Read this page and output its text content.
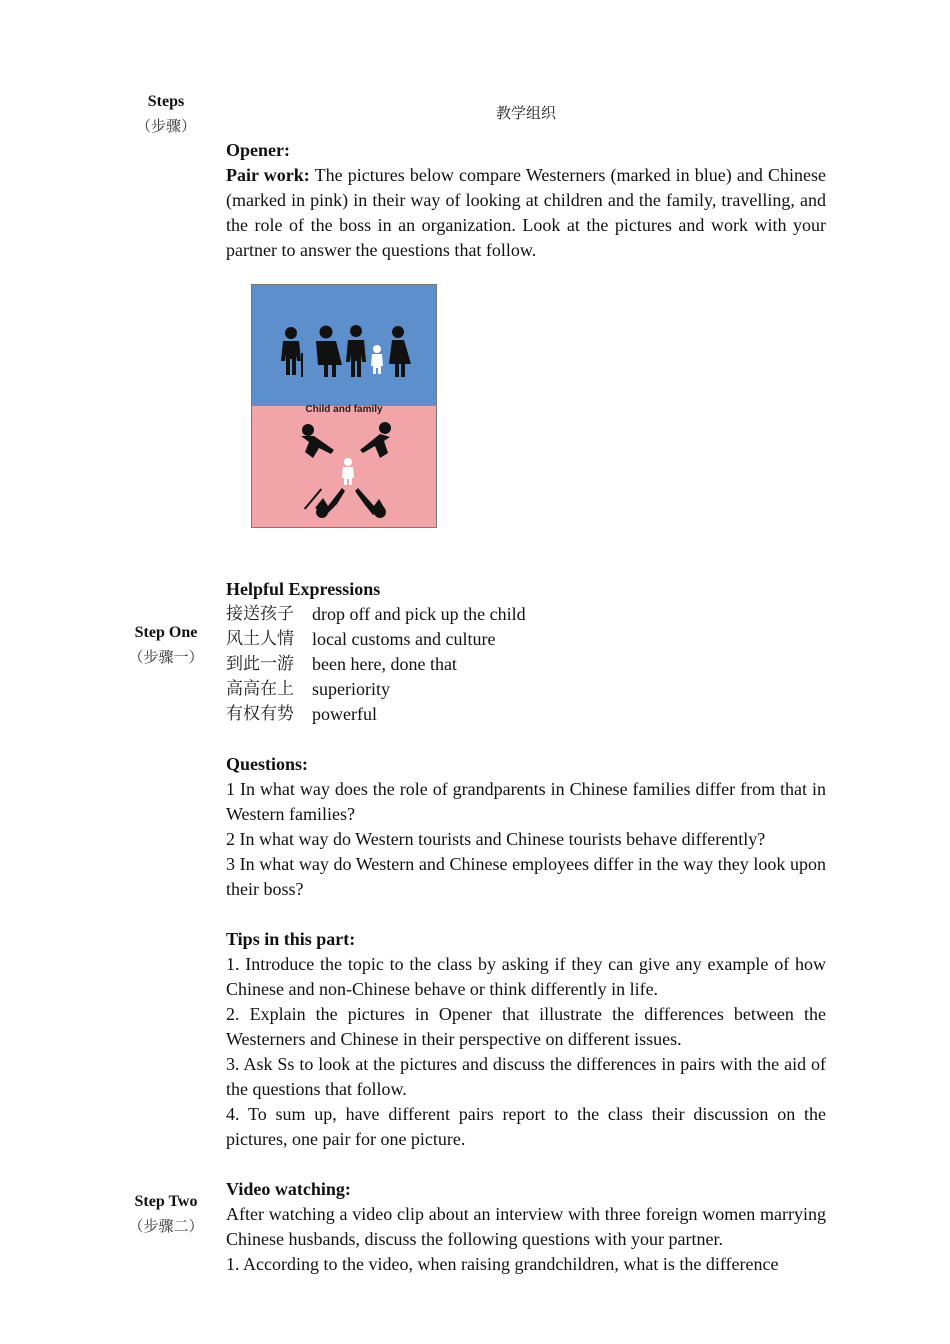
Steps
（步骤）
教学组织
Step One
（步骤一）
Step Two
（步骤二）

Opener:

Pair work: The pictures below compare Westerners (marked in blue) and Chinese (marked in pink) in their way of looking at children and the family, travelling, and the role of the boss in an organization. Look at the pictures and work with your partner to answer the questions that follow.

Child and family

Helpful Expressions

接送孩子	drop off and pick up the child
风土人情	local customs and culture
到此一游	been here, done that
高高在上	superiority
有权有势	powerful

Questions:

1 In what way does the role of grandparents in Chinese families differ from that in Western families?

2 In what way do Western tourists and Chinese tourists behave differently?

3 In what way do Western and Chinese employees differ in the way they look upon their boss?

Tips in this part:

1. Introduce the topic to the class by asking if they can give any example of how Chinese and non-Chinese behave or think differently in life.

2. Explain the pictures in Opener that illustrate the differences between the Westerners and Chinese in their perspective on different issues.

3. Ask Ss to look at the pictures and discuss the differences in pairs with the aid of the questions that follow.

4. To sum up, have different pairs report to the class their discussion on the pictures, one pair for one picture.

Video watching:

After watching a video clip about an interview with three foreign women marrying Chinese husbands, discuss the following questions with your partner.

1. According to the video, when raising grandchildren, what is the difference
